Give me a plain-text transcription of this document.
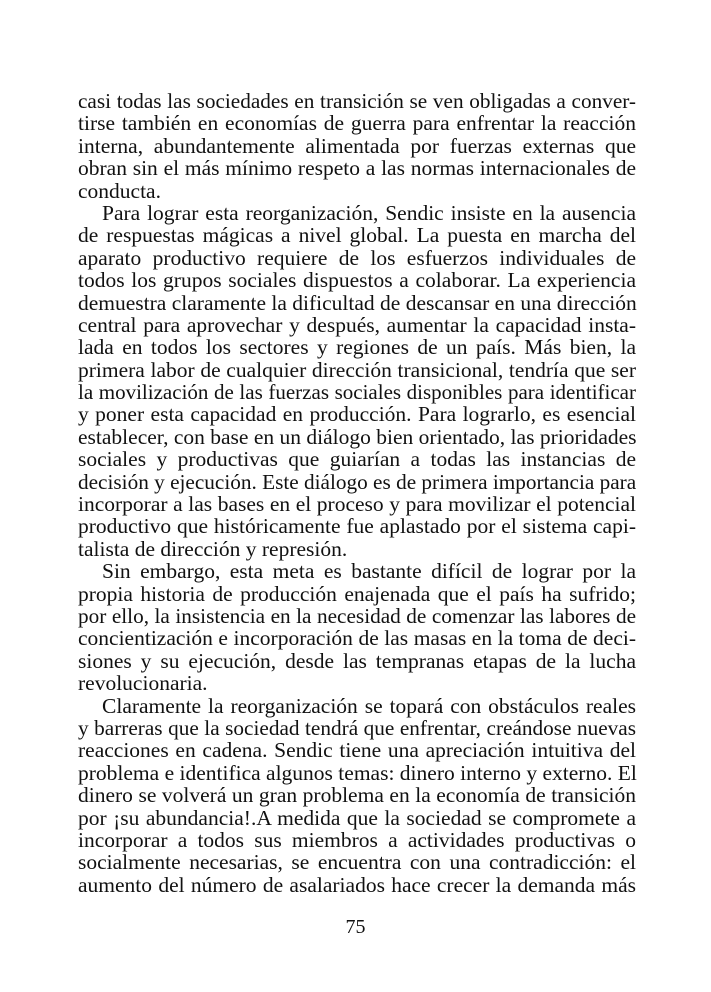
casi todas las sociedades en transición se ven obligadas a conver-
tirse también en economías de guerra para enfrentar la reacción
interna, abundantemente alimentada por fuerzas externas que
obran sin el más mínimo respeto a las normas internacionales de
conducta.
Para lograr esta reorganización, Sendic insiste en la ausencia
de respuestas mágicas a nivel global. La puesta en marcha del
aparato productivo requiere de los esfuerzos individuales de
todos los grupos sociales dispuestos a colaborar. La experiencia
demuestra claramente la dificultad de descansar en una dirección
central para aprovechar y después, aumentar la capacidad insta-
lada en todos los sectores y regiones de un país. Más bien, la
primera labor de cualquier dirección transicional, tendría que ser
la movilización de las fuerzas sociales disponibles para identificar
y poner esta capacidad en producción. Para lograrlo, es esencial
establecer, con base en un diálogo bien orientado, las prioridades
sociales y productivas que guiarían a todas las instancias de
decisión y ejecución. Este diálogo es de primera importancia para
incorporar a las bases en el proceso y para movilizar el potencial
productivo que históricamente fue aplastado por el sistema capi-
talista de dirección y represión.
Sin embargo, esta meta es bastante difícil de lograr por la
propia historia de producción enajenada que el país ha sufrido;
por ello, la insistencia en la necesidad de comenzar las labores de
concientización e incorporación de las masas en la toma de deci-
siones y su ejecución, desde las tempranas etapas de la lucha
revolucionaria.
Claramente la reorganización se topará con obstáculos reales
y barreras que la sociedad tendrá que enfrentar, creándose nuevas
reacciones en cadena. Sendic tiene una apreciación intuitiva del
problema e identifica algunos temas: dinero interno y externo. El
dinero se volverá un gran problema en la economía de transición
por ¡su abundancia!.A medida que la sociedad se compromete a
incorporar a todos sus miembros a actividades productivas o
socialmente necesarias, se encuentra con una contradicción: el
aumento del número de asalariados hace crecer la demanda más
75
